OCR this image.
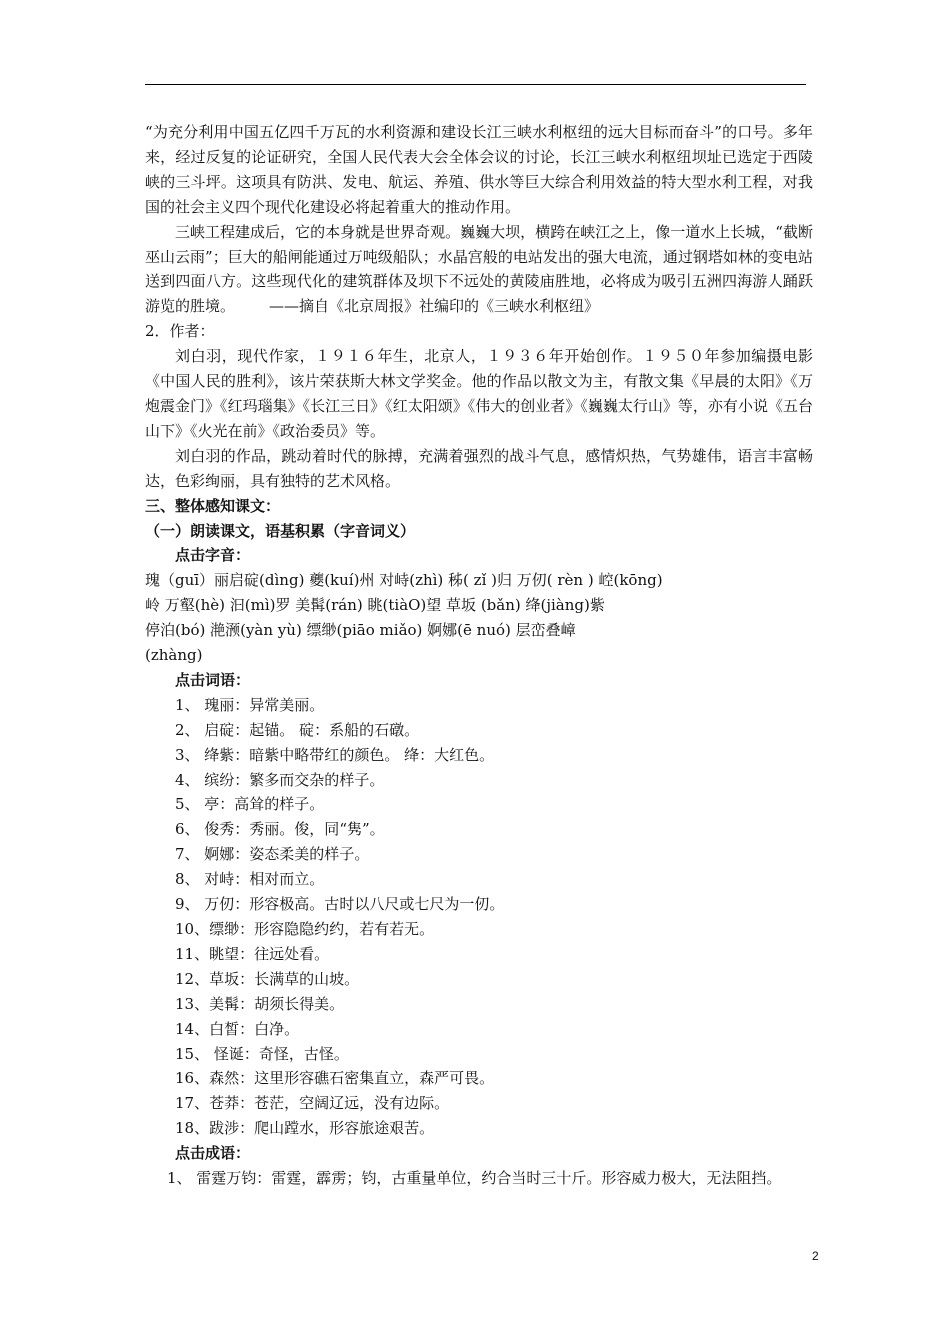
“为充分利用中国五亿四千万瓦的水利资源和建设长江三峡水利枢纽的远大目标而奋斗”的口号。多年来，经过反复的论证研究，全国人民代表大会全体会议的讨论，长江三峡水利枢纽坝址已选定于西陵峡的三斗坪。这项具有防洪、发电、航运、养殖、供水等巨大综合利用效益的特大型水利工程，对我国的社会主义四个现代化建设必将起着重大的推动作用。

三峡工程建成后，它的本身就是世界奇观。巍巍大坝，横跨在峡江之上，像一道水上长城，“截断巫山云雨”；巨大的船闸能通过万吨级船队；水晶宫般的电站发出的强大电流，通过钢塔如林的变电站送到四面八方。这些现代化的建筑群体及坝下不远处的黄陵庙胜地，必将成为吸引五洲四海游人踊跃游览的胜境。 ——摘自《北京周报》社编印的《三峡水利枢纽》

2．作者：

刘白羽，现代作家，１９１６年生，北京人，１９３６年开始创作。１９５０年参加编摄电影《中国人民的胜利》，该片荣获斯大林文学奖金。他的作品以散文为主，有散文集《早晨的太阳》《万炮震金门》《红玛瑙集》《长江三日》《红太阳颂》《伟大的创业者》《巍巍太行山》等，亦有小说《五台山下》《火光在前》《政治委员》等。

刘白羽的作品，跳动着时代的脉搏，充满着强烈的战斗气息，感情炽热，气势雄伟，语言丰富畅达，色彩绚丽，具有独特的艺术风格。

三、整体感知课文：

（一）朗读课文，语基积累（字音词义）

点击字音：

瑰（guī）丽启碇(dìng) 夔(kuí)州 对峙(zhì) 秭( zǐ )归 万仞( rèn ) 崆(kōng)
岭 万壑(hè) 汩(mì)罗 美髯(rán) 眺(tiàO)望 草坂 (bǎn) 绛(jiàng)紫
停泊(bó) 滟滪(yàn yù) 缥缈(piāo miǎo) 婀娜(ē nuó) 层峦叠嶂
(zhàng)

点击词语：

1、 瑰丽：异常美丽。

2、 启碇：起锚。 碇：系船的石礅。

3、 绛紫：暗紫中略带红的颜色。 绛：大红色。

4、 缤纷：繁多而交杂的样子。

5、 亭：高耸的样子。

6、 俊秀：秀丽。俊，同“隽”。

7、 婀娜：姿态柔美的样子。

8、 对峙：相对而立。

9、 万仞：形容极高。古时以八尺或七尺为一仞。

10、缥缈：形容隐隐约约，若有若无。

11、眺望：往远处看。

12、草坂：长满草的山坡。

13、美髯：胡须长得美。

14、白皙：白净。

15、 怪诞：奇怪，古怪。

16、森然：这里形容礁石密集直立，森严可畏。

17、苍莽：苍茫，空阔辽远，没有边际。

18、跋涉：爬山蹚水，形容旅途艰苦。

点击成语：

1、 雷霆万钧：雷霆，霹雳；钧，古重量单位，约合当时三十斤。形容威力极大，无法阻挡。

2
